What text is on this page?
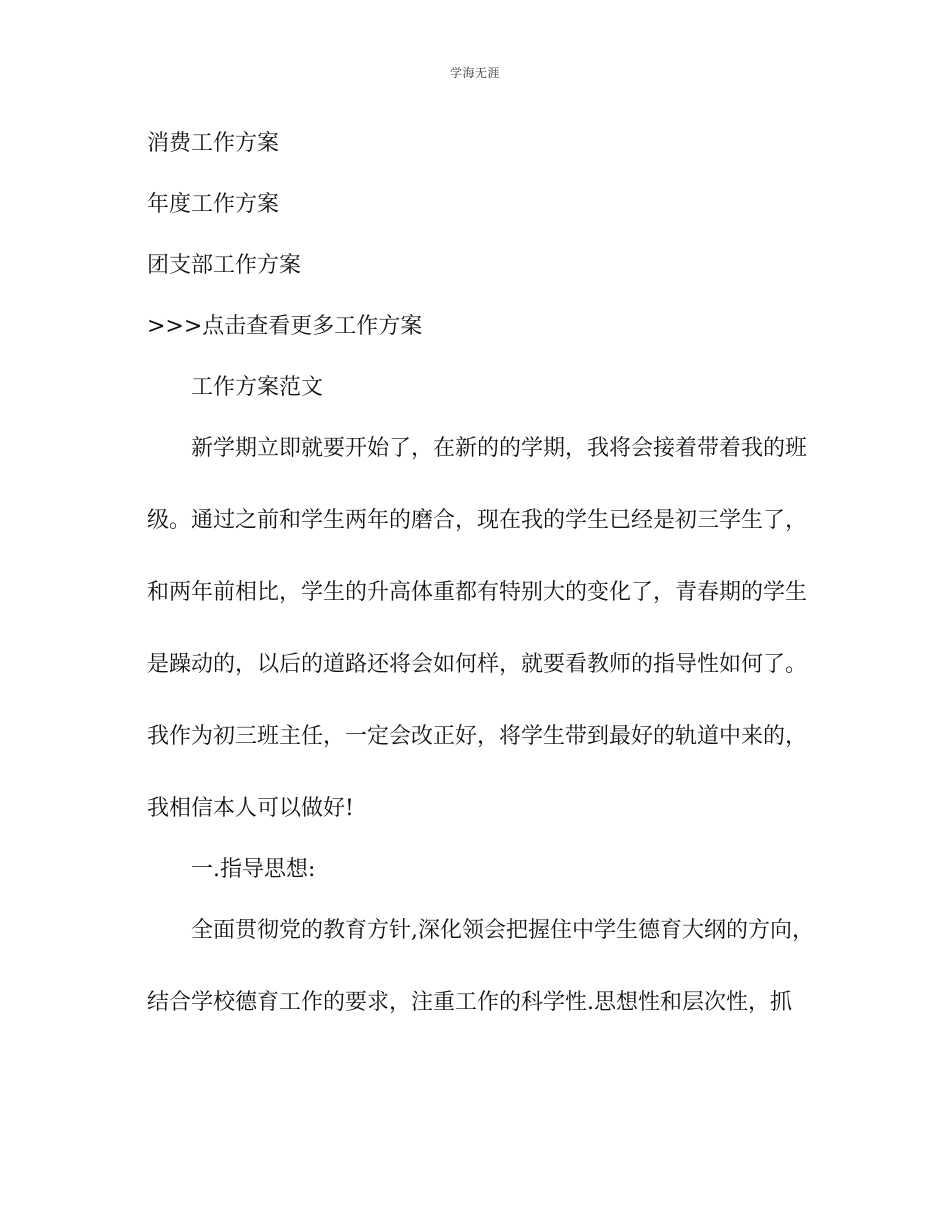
学海无涯
消费工作方案
年度工作方案
团支部工作方案
>>>点击查看更多工作方案
工作方案范文
新学期立即就要开始了，在新的的学期，我将会接着带着我的班
级。通过之前和学生两年的磨合，现在我的学生已经是初三学生了，
和两年前相比，学生的升高体重都有特别大的变化了，青春期的学生
是躁动的，以后的道路还将会如何样，就要看教师的指导性如何了。
我作为初三班主任，一定会改正好，将学生带到最好的轨道中来的，
我相信本人可以做好!
一.指导思想:
全面贯彻党的教育方针,深化领会把握住中学生德育大纲的方向，
结合学校德育工作的要求，注重工作的科学性.思想性和层次性，抓
